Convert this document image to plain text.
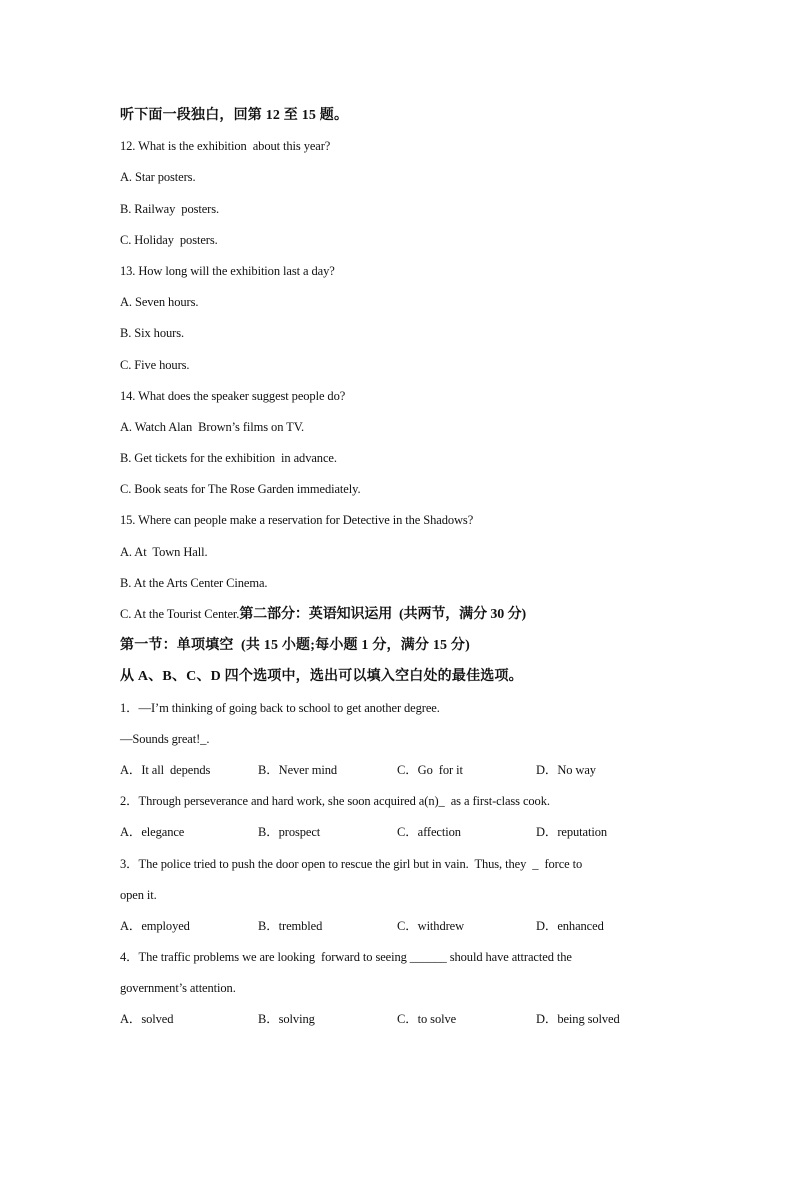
听下面一段独白，回第 12 至 15 题。
12. What is the exhibition  about this year?
A. Star posters.
B. Railway  posters.
C. Holiday  posters.
13. How long will the exhibition last a day?
A. Seven hours.
B. Six hours.
C. Five hours.
14. What does the speaker suggest people do?
A. Watch Alan  Brown’s films on TV.
B. Get tickets for the exhibition  in advance.
C. Book seats for The Rose Garden immediately.
15. Where can people make a reservation for Detective in the Shadows?
A. At  Town Hall.
B. At the Arts Center Cinema.
C. At the Tourist Center.第二部分：英语知识运用  (共两节，满分 30 分)
第一节：单项填空  (共 15 小题;每小题 1 分，满分 15 分)
从 A、B、C、D 四个选项中，选出可以填入空白处的最佳选项。
1．—I’m thinking of going back to school to get another degree.
—Sounds great!_.

A．It all  depends

	B．Never mind

	C．Go  for it

	D．No way

2．Through perseverance and hard work, she soon acquired a(n)_  as a first-class cook.

A．elegance

	B．prospect

	C．affection

	D．reputation

3．The police tried to push the door open to rescue the girl but in vain.  Thus, they  _  force to
open it.

A．employed

	B．trembled

	C．withdrew

	D．enhanced

4．The traffic problems we are looking  forward to seeing ______ should have attracted the
government’s attention.

A．solved

	B．solving

	C．to solve

	D．being solved
